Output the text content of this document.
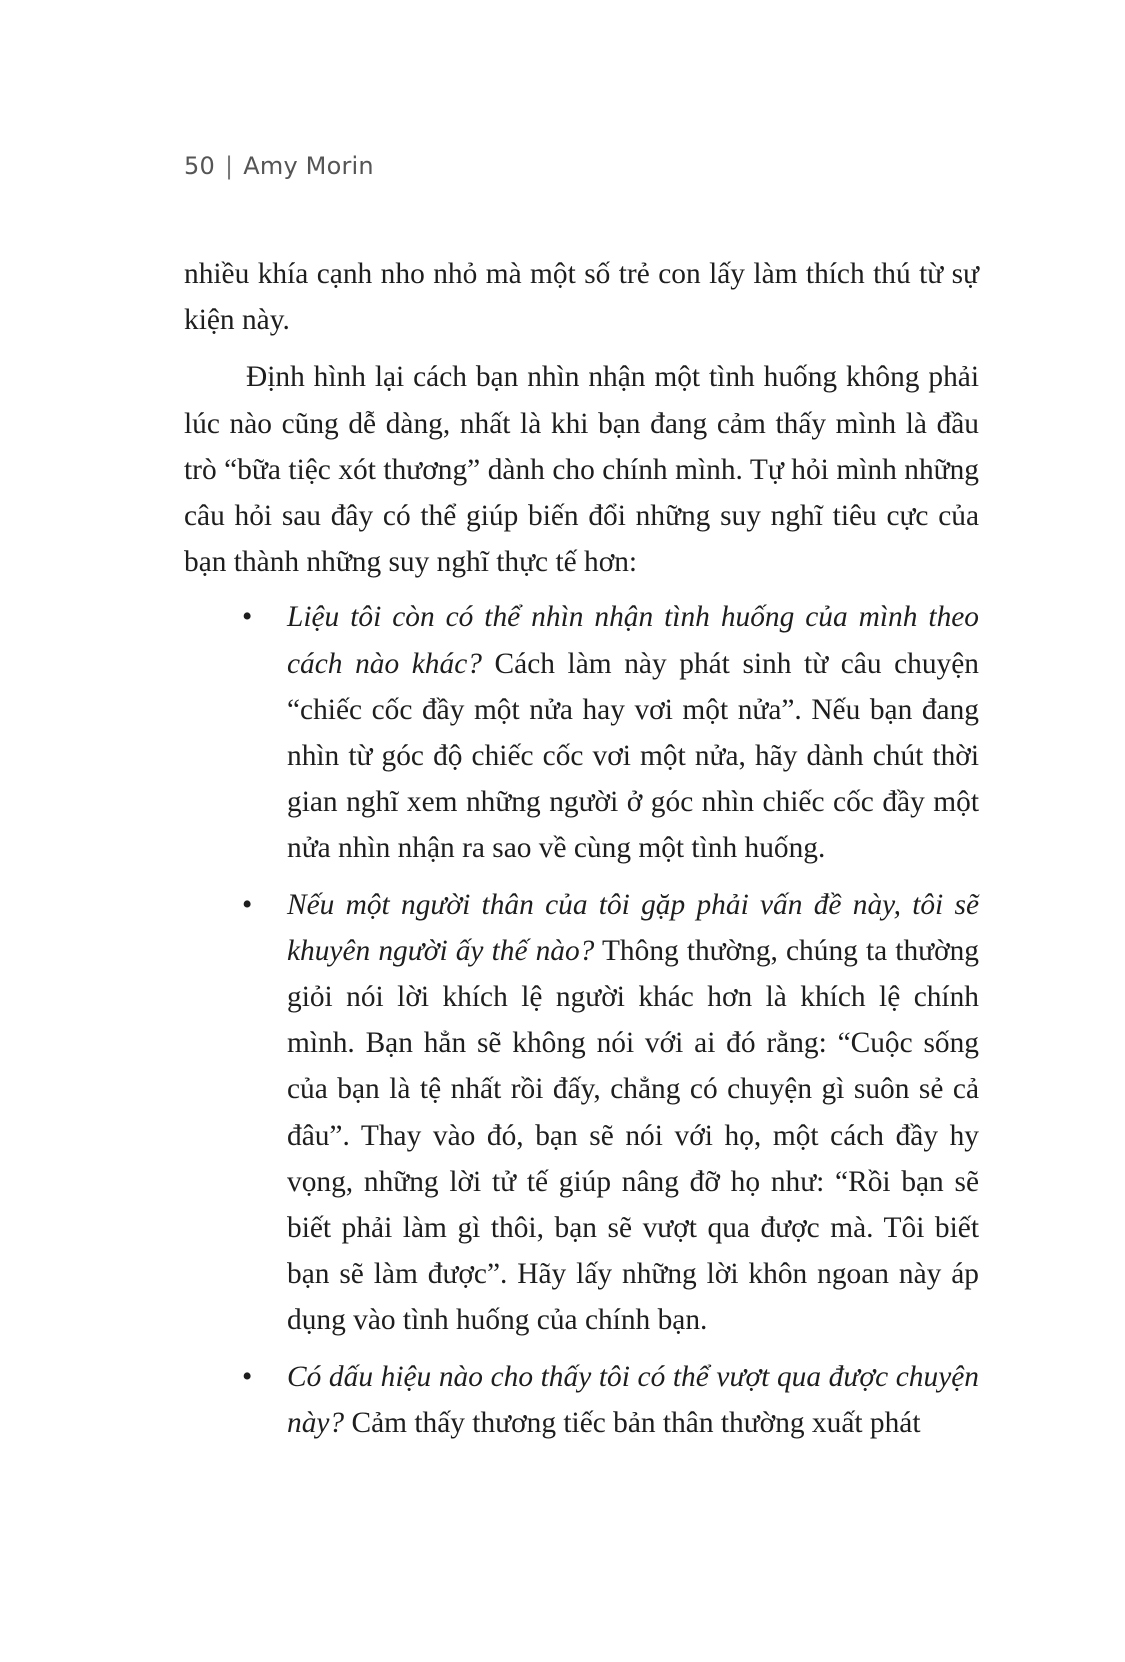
50 | Amy Morin

nhiều khía cạnh nho nhỏ mà một số trẻ con lấy làm thích thú từ sự kiện này.

Định hình lại cách bạn nhìn nhận một tình huống không phải lúc nào cũng dễ dàng, nhất là khi bạn đang cảm thấy mình là đầu trò “bữa tiệc xót thương” dành cho chính mình. Tự hỏi mình những câu hỏi sau đây có thể giúp biến đổi những suy nghĩ tiêu cực của bạn thành những suy nghĩ thực tế hơn:

• Liệu tôi còn có thể nhìn nhận tình huống của mình theo cách nào khác? Cách làm này phát sinh từ câu chuyện “chiếc cốc đầy một nửa hay vơi một nửa”. Nếu bạn đang nhìn từ góc độ chiếc cốc vơi một nửa, hãy dành chút thời gian nghĩ xem những người ở góc nhìn chiếc cốc đầy một nửa nhìn nhận ra sao về cùng một tình huống.
• Nếu một người thân của tôi gặp phải vấn đề này, tôi sẽ khuyên người ấy thế nào? Thông thường, chúng ta thường giỏi nói lời khích lệ người khác hơn là khích lệ chính mình. Bạn hẳn sẽ không nói với ai đó rằng: “Cuộc sống của bạn là tệ nhất rồi đấy, chẳng có chuyện gì suôn sẻ cả đâu”. Thay vào đó, bạn sẽ nói với họ, một cách đầy hy vọng, những lời tử tế giúp nâng đỡ họ như: “Rồi bạn sẽ biết phải làm gì thôi, bạn sẽ vượt qua được mà. Tôi biết bạn sẽ làm được”. Hãy lấy những lời khôn ngoan này áp dụng vào tình huống của chính bạn.
• Có dấu hiệu nào cho thấy tôi có thể vượt qua được chuyện này? Cảm thấy thương tiếc bản thân thường xuất phát
